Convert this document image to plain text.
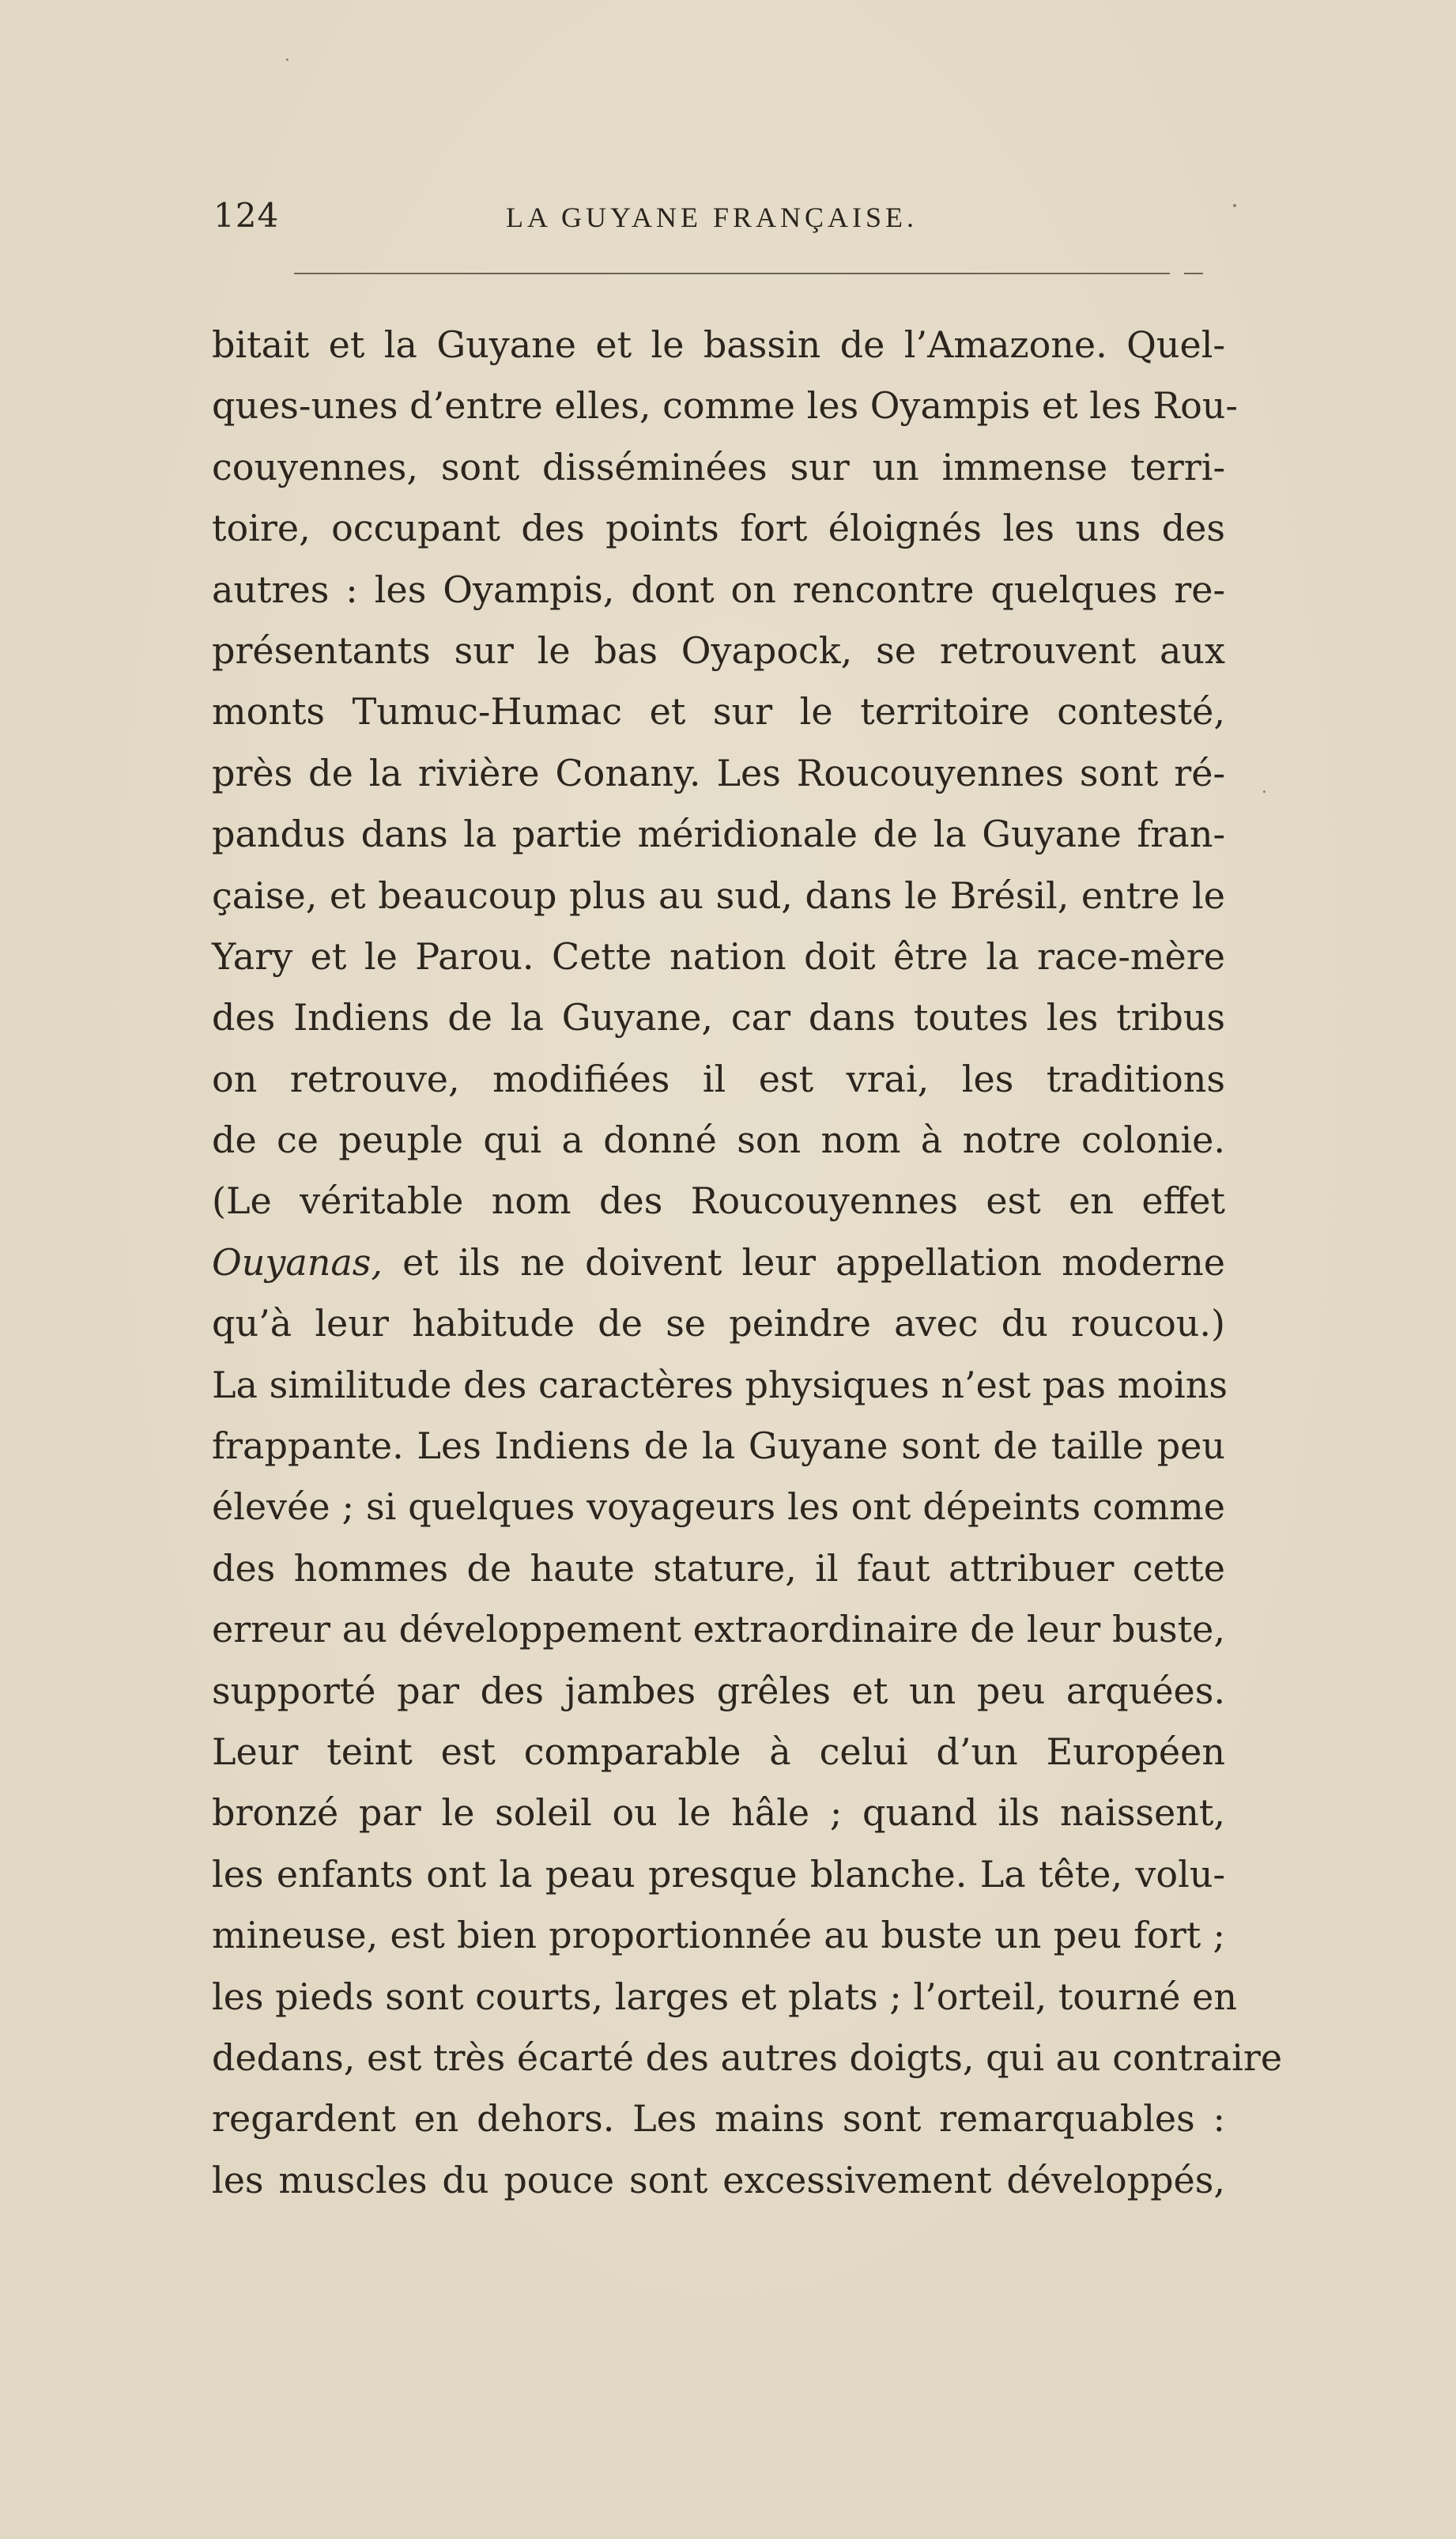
124	LA GUYANE FRANÇAISE.
bitait et la Guyane et le bassin de l’Amazone. Quel-
ques-unes d’entre elles, comme les Oyampis et les Rou-
couyennes, sont disséminées sur un immense terri-
toire, occupant des points fort éloignés les uns des
autres : les Oyampis, dont on rencontre quelques re-
présentants sur le bas Oyapock, se retrouvent aux
monts Tumuc-Humac et sur le territoire contesté,
près de la rivière Conany. Les Roucouyennes sont ré-
pandus dans la partie méridionale de la Guyane fran-
çaise, et beaucoup plus au sud, dans le Brésil, entre le
Yary et le Parou. Cette nation doit être la race-mère
des Indiens de la Guyane, car dans toutes les tribus
on retrouve, modifiées il est vrai, les traditions
de ce peuple qui a donné son nom à notre colonie.
(Le véritable nom des Roucouyennes est en effet
Ouyanas, et ils ne doivent leur appellation moderne
qu’à leur habitude de se peindre avec du roucou.)
La similitude des caractères physiques n’est pas moins
frappante. Les Indiens de la Guyane sont de taille peu
élevée ; si quelques voyageurs les ont dépeints comme
des hommes de haute stature, il faut attribuer cette
erreur au développement extraordinaire de leur buste,
supporté par des jambes grêles et un peu arquées.
Leur teint est comparable à celui d’un Européen
bronzé par le soleil ou le hâle ; quand ils naissent,
les enfants ont la peau presque blanche. La tête, volu-
mineuse, est bien proportionnée au buste un peu fort ;
les pieds sont courts, larges et plats ; l’orteil, tourné en
dedans, est très écarté des autres doigts, qui au contraire
regardent en dehors. Les mains sont remarquables :
les muscles du pouce sont excessivement développés,
